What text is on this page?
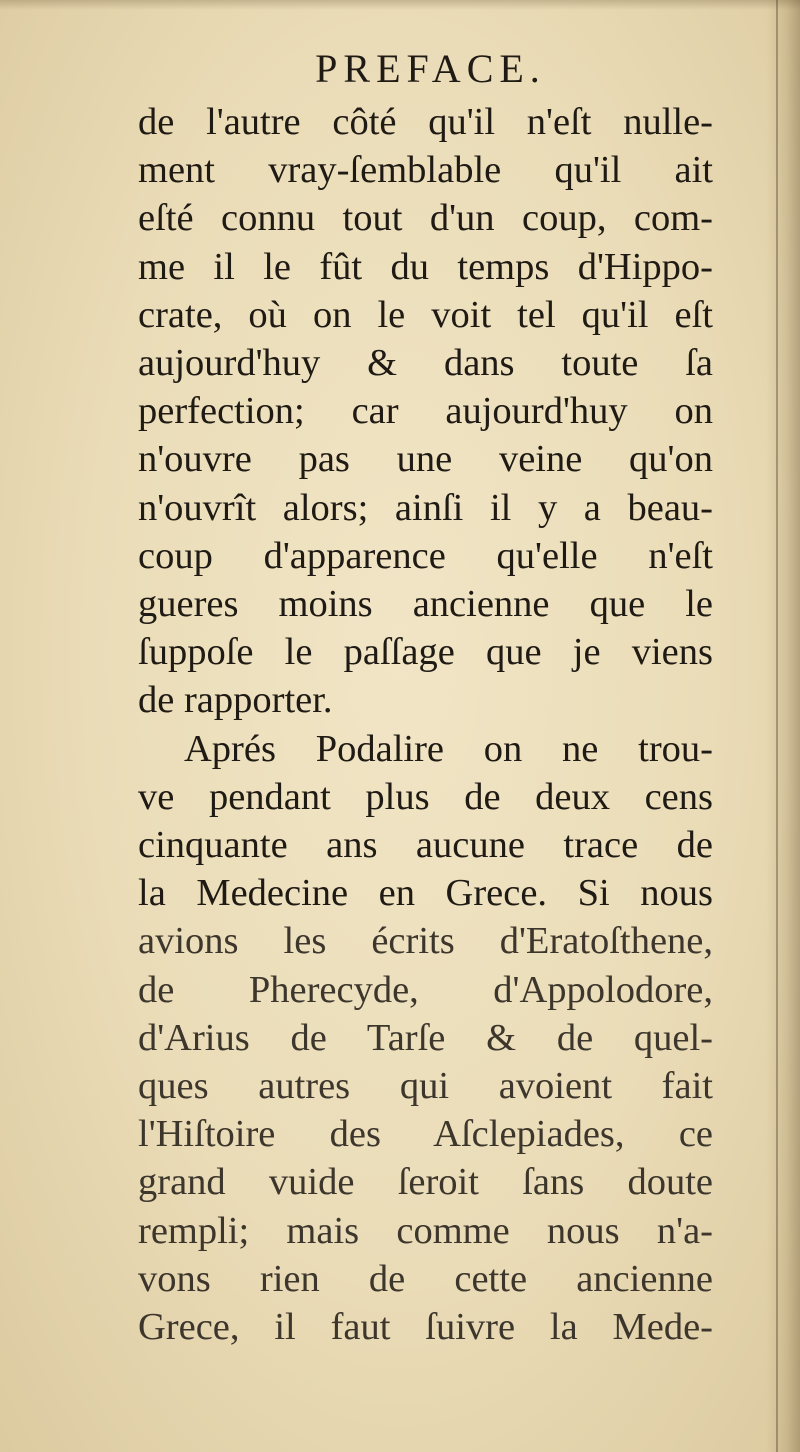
PREFACE.
de l'autre côté qu'il n'eſt nulle-
ment vray-ſemblable qu'il ait
eſté connu tout d'un coup, com-
me il le fût du temps d'Hippo-
crate, où on le voit tel qu'il eſt
aujourd'huy & dans toute ſa
perfection; car aujourd'huy on
n'ouvre pas une veine qu'on
n'ouvrît alors; ainſi il y a beau-
coup d'apparence qu'elle n'eſt
gueres moins ancienne que le
ſuppoſe le paſſage que je viens
de rapporter.
Aprés Podalire on ne trou-
ve pendant plus de deux cens
cinquante ans aucune trace de
la Medecine en Grece. Si nous
avions les écrits d'Eratoſthene,
de Pherecyde, d'Appolodore,
d'Arius de Tarſe & de quel-
ques autres qui avoient fait
l'Hiſtoire des Aſclepiades, ce
grand vuide ſeroit ſans doute
rempli; mais comme nous n'a-
vons rien de cette ancienne
Grece, il faut ſuivre la Mede-
